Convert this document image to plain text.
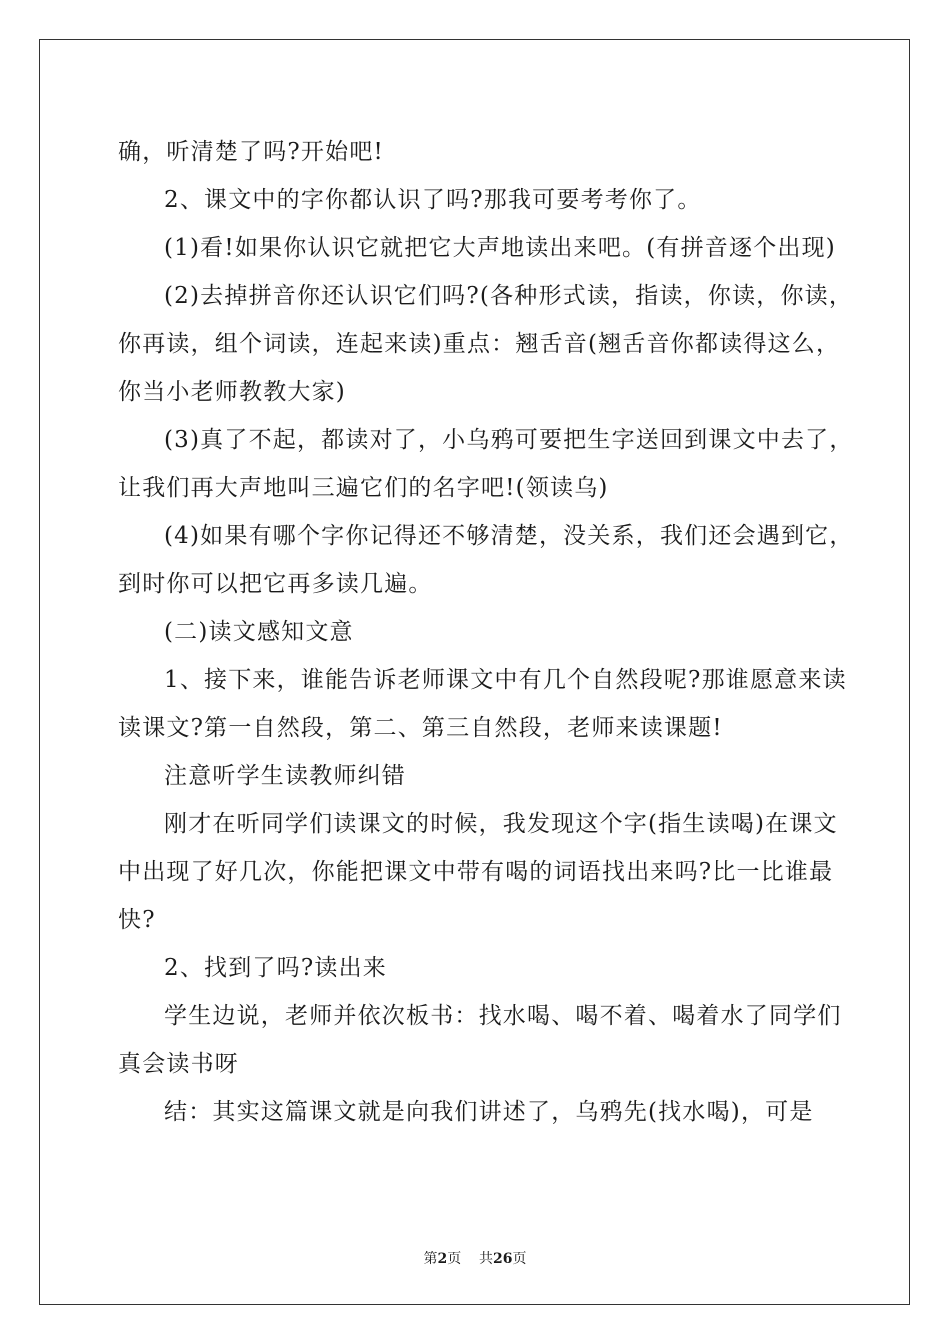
确，听清楚了吗?开始吧!
2、课文中的字你都认识了吗?那我可要考考你了。
(1)看!如果你认识它就把它大声地读出来吧。(有拼音逐个出现)
(2)去掉拼音你还认识它们吗?(各种形式读，指读，你读，你读，
你再读，组个词读，连起来读)重点：翘舌音(翘舌音你都读得这么，
你当小老师教教大家)
(3)真了不起，都读对了，小乌鸦可要把生字送回到课文中去了，
让我们再大声地叫三遍它们的名字吧!(领读乌)
(4)如果有哪个字你记得还不够清楚，没关系，我们还会遇到它，
到时你可以把它再多读几遍。
(二)读文感知文意
1、接下来，谁能告诉老师课文中有几个自然段呢?那谁愿意来读
读课文?第一自然段，第二、第三自然段，老师来读课题!
注意听学生读教师纠错
刚才在听同学们读课文的时候，我发现这个字(指生读喝)在课文
中出现了好几次，你能把课文中带有喝的词语找出来吗?比一比谁最
快?
2、找到了吗?读出来
学生边说，老师并依次板书：找水喝、喝不着、喝着水了同学们
真会读书呀
结：其实这篇课文就是向我们讲述了，乌鸦先(找水喝)，可是
第2页 共26页
